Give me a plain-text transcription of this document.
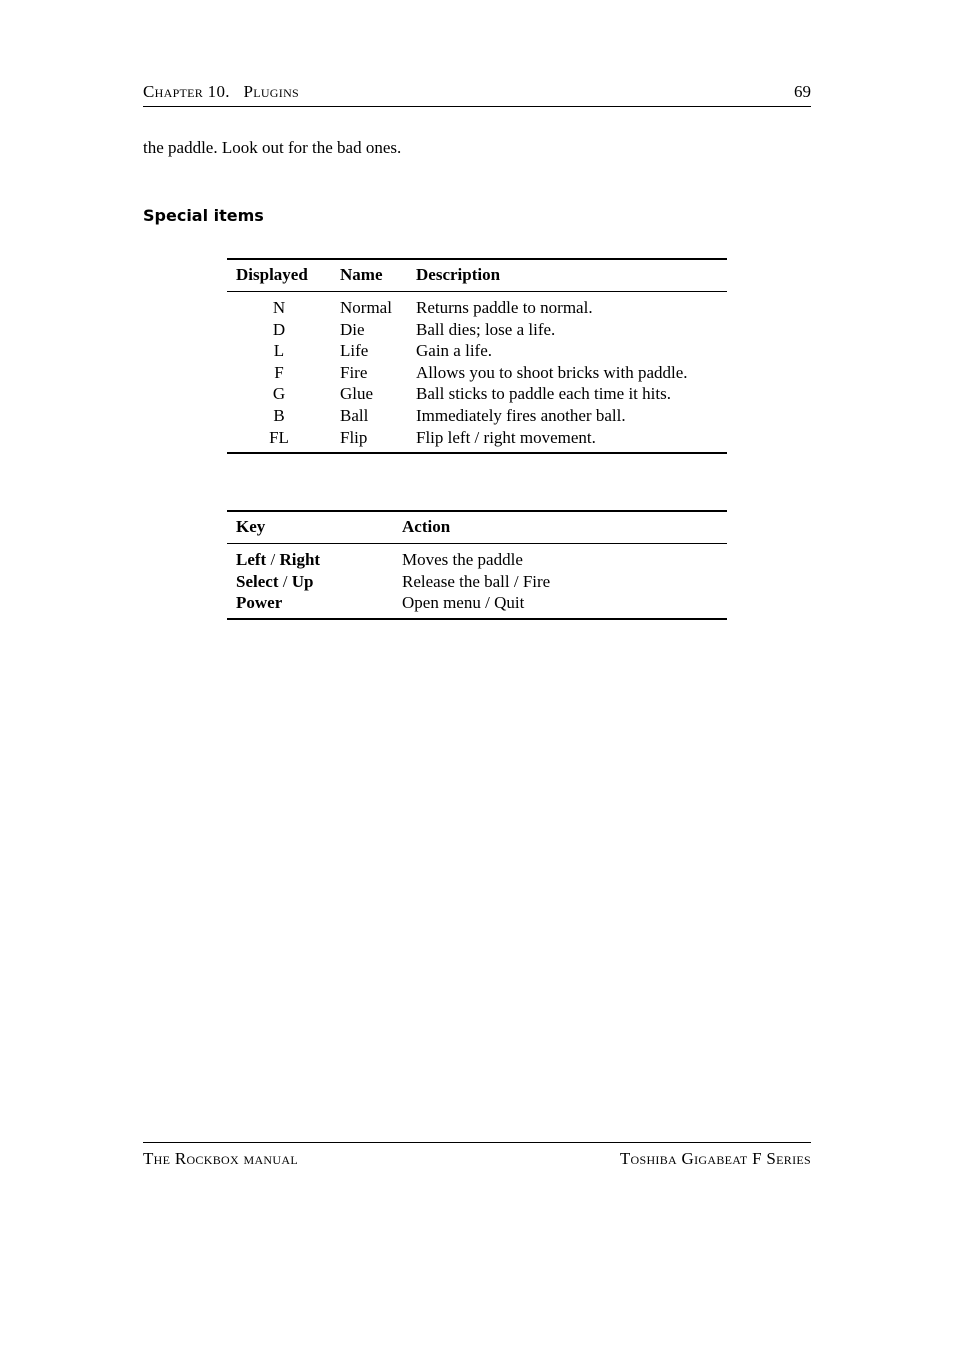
Chapter 10.   Plugins	69
the paddle. Look out for the bad ones.
Special items
Displayed	Name	Description
N	Normal	Returns paddle to normal.
D	Die	Ball dies; lose a life.
L	Life	Gain a life.
F	Fire	Allows you to shoot bricks with paddle.
G	Glue	Ball sticks to paddle each time it hits.
B	Ball	Immediately fires another ball.
FL	Flip	Flip left / right movement.
Key	Action
Left / Right	Moves the paddle
Select / Up	Release the ball / Fire
Power	Open menu / Quit
The Rockbox manual	Toshiba Gigabeat F Series
